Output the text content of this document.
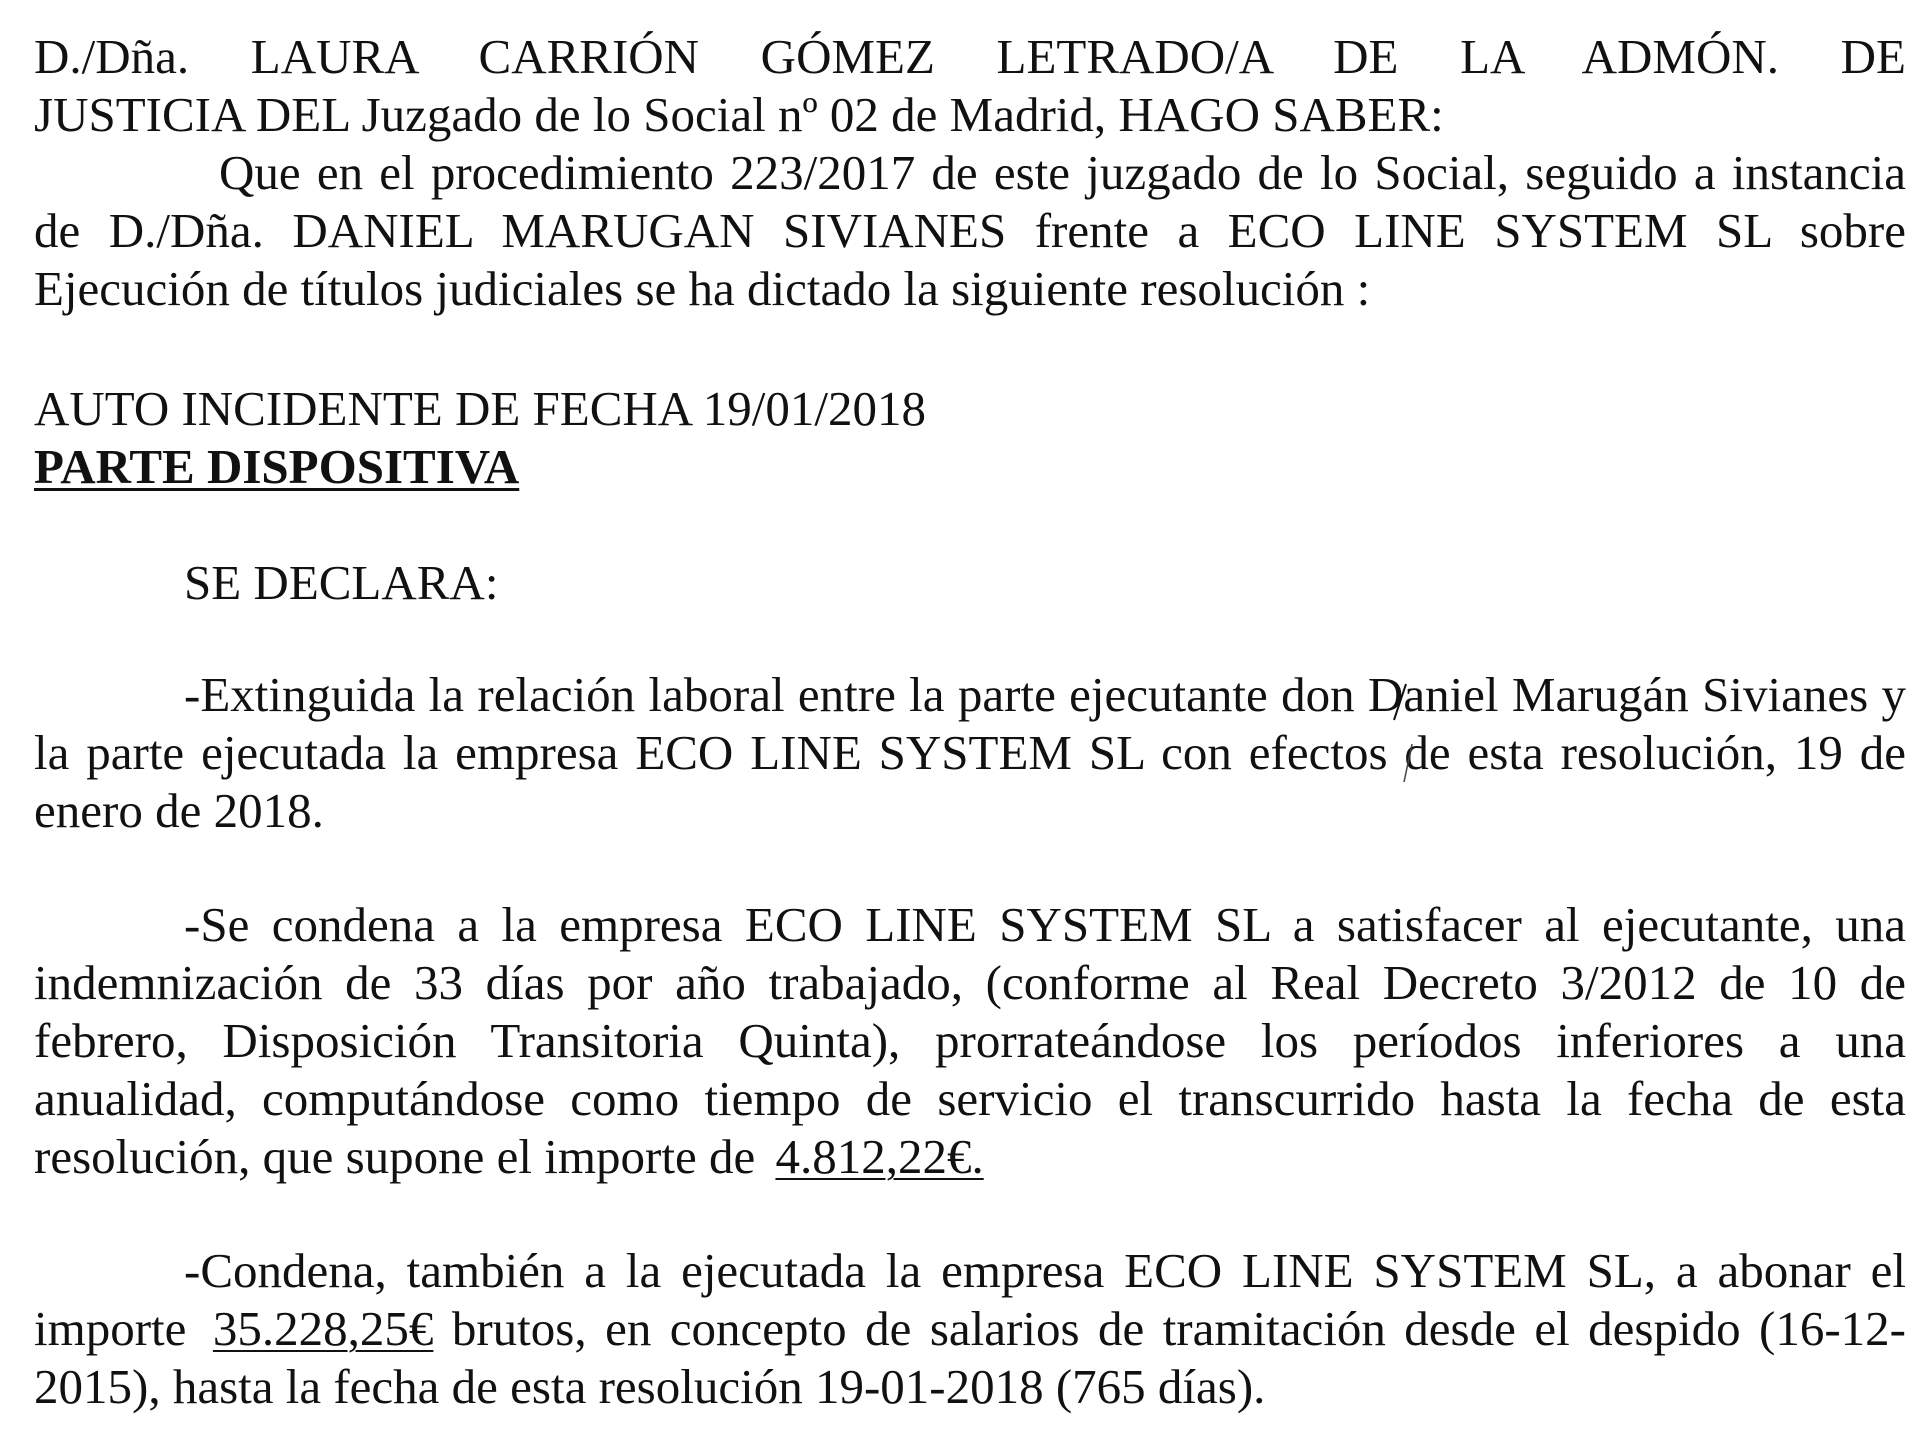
D./Dña. LAURA CARRIÓN GÓMEZ LETRADO/A DE LA ADMÓN. DE
JUSTICIA DEL Juzgado de lo Social nº 02 de Madrid, HAGO SABER:

Que en el procedimiento 223/2017 de este juzgado de lo Social, seguido a instancia de D./Dña. DANIEL MARUGAN SIVIANES frente a ECO LINE SYSTEM SL sobre Ejecución de títulos judiciales se ha dictado la siguiente resolución :

AUTO INCIDENTE DE FECHA 19/01/2018
PARTE DISPOSITIVA
SE DECLARA:

-Extinguida la relación laboral entre la parte ejecutante don Daniel Marugán Sivianes y la parte ejecutada la empresa ECO LINE SYSTEM SL con efectos de esta resolución, 19 de enero de 2018.

-Se condena a la empresa ECO LINE SYSTEM SL a satisfacer al ejecutante, una indemnización de 33 días por año trabajado, (conforme al Real Decreto 3/2012 de 10 de febrero, Disposición Transitoria Quinta), prorrateándose los períodos inferiores a una anualidad, computándose como tiempo de servicio el transcurrido hasta la fecha de esta resolución, que supone el importe de 4.812,22€.

-Condena, también a la ejecutada la empresa ECO LINE SYSTEM SL, a abonar el importe 35.228,25€ brutos, en concepto de salarios de tramitación desde el despido (16-12-2015), hasta la fecha de esta resolución 19-01-2018 (765 días).
